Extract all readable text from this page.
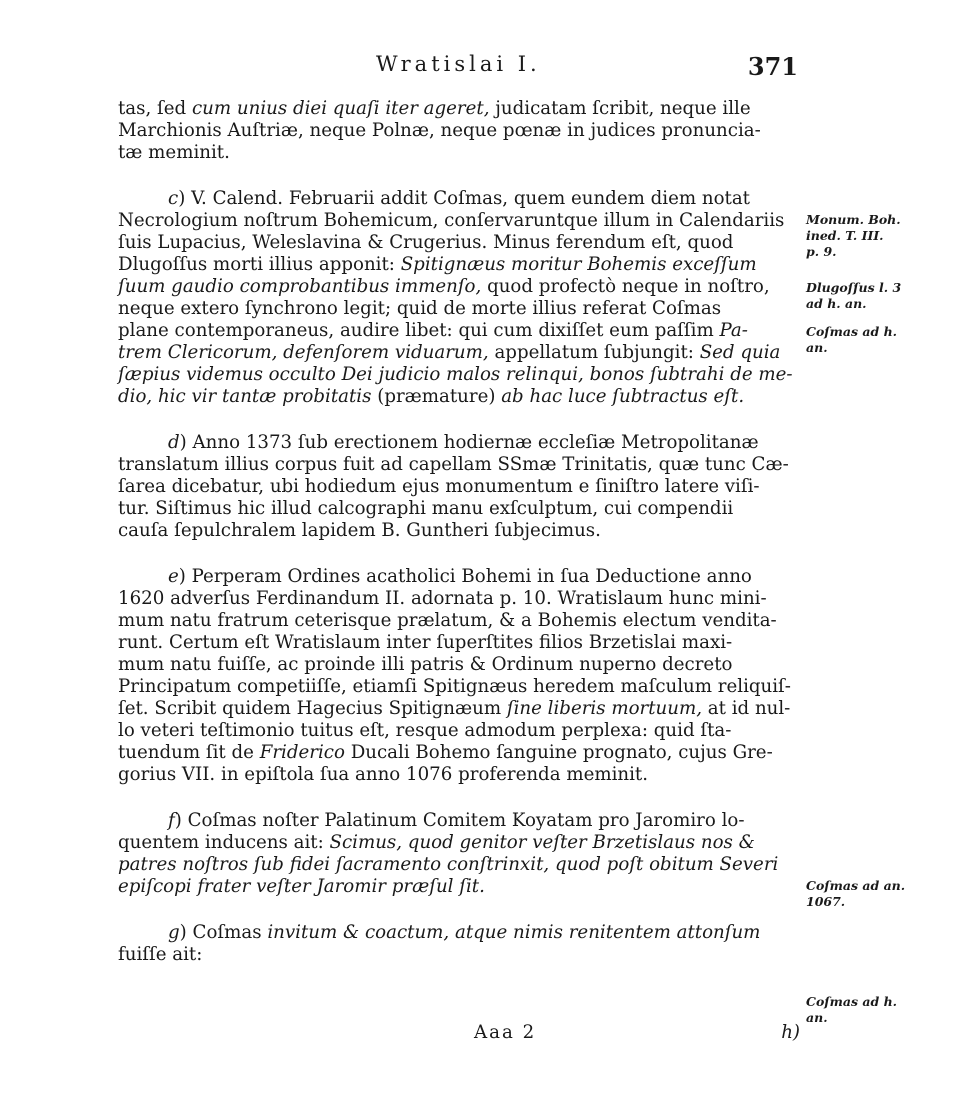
Wratislai I.	371
tas, ſed cum unius diei quaſi iter ageret, judicatam ſcribit, neque ille
Marchionis Auſtriæ, neque Polnæ, neque pœnæ in judices pronuncia-
tæ meminit.
c) V. Calend. Februarii addit Coſmas, quem eundem diem notat
Necrologium noſtrum Bohemicum, conſervaruntque illum in Calendariis
ſuis Lupacius, Weleslavina & Crugerius. Minus ferendum eſt, quod
Dlugoſſus morti illius apponit: Spitignæus moritur Bohemis exceſſum
ſuum gaudio comprobantibus immenſo, quod profectò neque in noſtro,
neque extero ſynchrono legit; quid de morte illius referat Coſmas
plane contemporaneus, audire libet: qui cum dixiſſet eum paſſim Pa-
trem Clericorum, defenſorem viduarum, appellatum ſubjungit: Sed quia
ſæpius videmus occulto Dei judicio malos relinqui, bonos ſubtrahi de me-
dio, hic vir tantæ probitatis (præmature) ab hac luce ſubtractus eſt.
d) Anno 1373 ſub erectionem hodiernæ eccleſiæ Metropolitanæ
translatum illius corpus fuit ad capellam SSmæ Trinitatis, quæ tunc Cæ-
ſarea dicebatur, ubi hodiedum ejus monumentum e ſiniſtro latere viſi-
tur. Siſtimus hic illud calcographi manu exſculptum, cui compendii
cauſa ſepulchralem lapidem B. Guntheri ſubjecimus.
e) Perperam Ordines acatholici Bohemi in ſua Deductione anno
1620 adverſus Ferdinandum II. adornata p. 10. Wratislaum hunc mini-
mum natu fratrum ceterisque prælatum, & a Bohemis electum vendita-
runt. Certum eſt Wratislaum inter ſuperſtites filios Brzetislai maxi-
mum natu fuiſſe, ac proinde illi patris & Ordinum nuperno decreto
Principatum competiiſſe, etiamſi Spitignæus heredem maſculum reliquiſ-
ſet. Scribit quidem Hagecius Spitignæum ſine liberis mortuum, at id nul-
lo veteri teſtimonio tuitus eſt, resque admodum perplexa: quid ſta-
tuendum ſit de Friderico Ducali Bohemo ſanguine prognato, cujus Gre-
gorius VII. in epiſtola ſua anno 1076 proferenda meminit.
f) Coſmas noſter Palatinum Comitem Koyatam pro Jaromiro lo-
quentem inducens ait: Scimus, quod genitor veſter Brzetislaus nos &
patres noſtros ſub fidei ſacramento conſtrinxit, quod poſt obitum Severi
epiſcopi frater veſter Jaromir præſul ſit.
g) Coſmas invitum & coactum, atque nimis renitentem attonſum
fuiſſe ait:
Monum. Boh.
ined. T. III.
p. 9.
Dlugoſſus l. 3
ad h. an.
Coſmas ad h.
an.
Coſmas ad an.
1067.
Coſmas ad h.
an.
Aaa 2	h)
